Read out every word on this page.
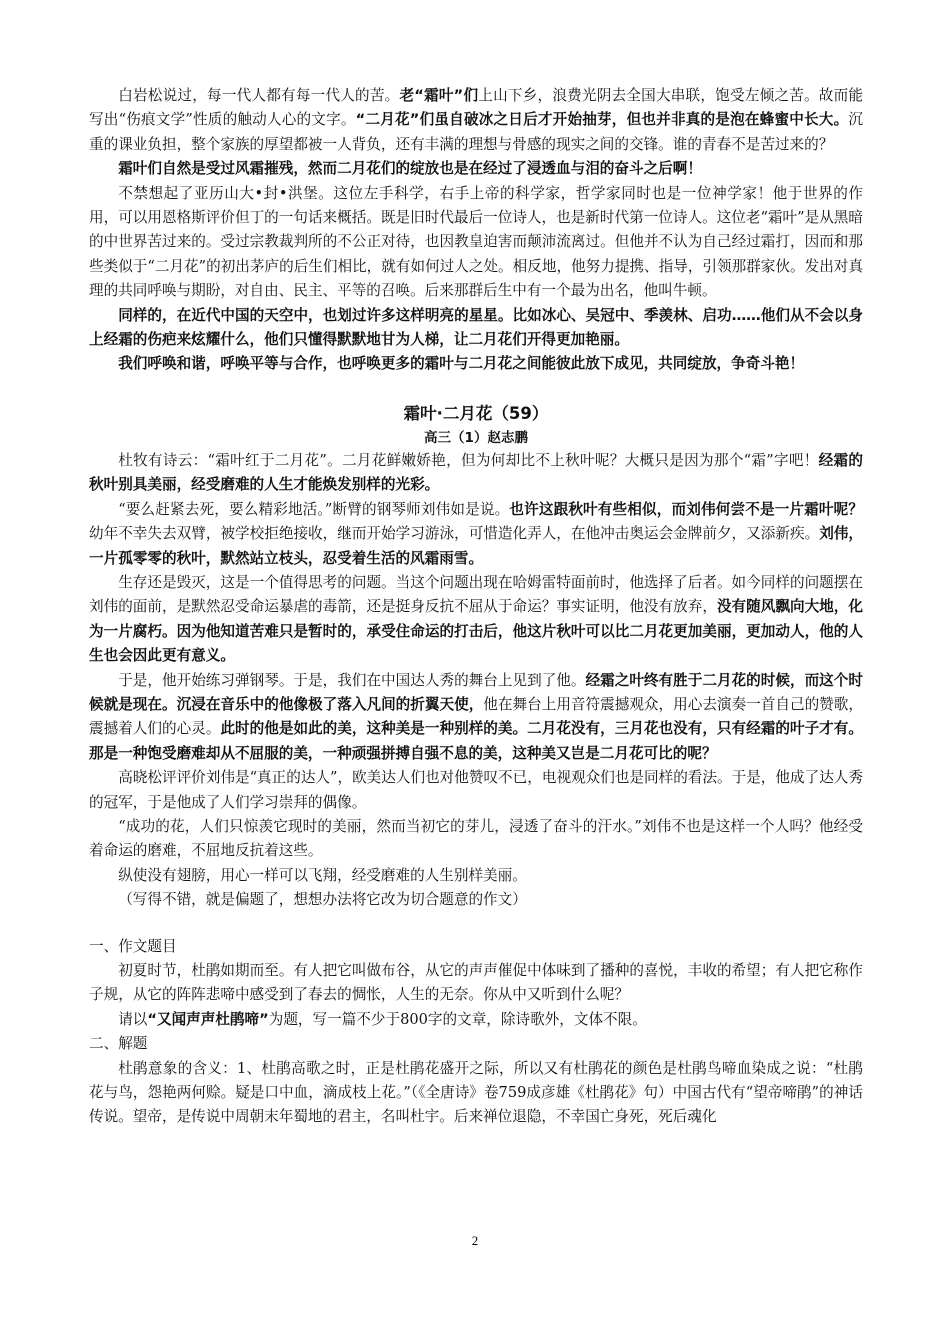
白岩松说过，每一代人都有每一代人的苦。老“霜叶”们上山下乡，浪费光阴去全国大串联，饱受左倾之苦。故而能写出“伤痕文学”性质的触动人心的文字。“二月花”们虽自破冰之日后才开始抽芽，但也并非真的是泡在蜂蜜中长大。沉重的课业负担，整个家族的厚望都被一人背负，还有丰满的理想与骨感的现实之间的交锋。谁的青春不是苦过来的？

霜叶们自然是受过风霜摧残，然而二月花们的绽放也是在经过了浸透血与泪的奋斗之后啊！

不禁想起了亚历山大•封•洪堡。这位左手科学，右手上帝的科学家，哲学家同时也是一位神学家！他于世界的作用，可以用恩格斯评价但丁的一句话来概括。既是旧时代最后一位诗人，也是新时代第一位诗人。这位老“霜叶”是从黑暗的中世界苦过来的。受过宗教裁判所的不公正对待，也因教皇迫害而颠沛流离过。但他并不认为自己经过霜打，因而和那些类似于“二月花”的初出茅庐的后生们相比，就有如何过人之处。相反地，他努力提携、指导，引领那群家伙。发出对真理的共同呼唤与期盼，对自由、民主、平等的召唤。后来那群后生中有一个最为出名，他叫牛顿。

同样的，在近代中国的天空中，也划过许多这样明亮的星星。比如冰心、吴冠中、季羡林、启功……他们从不会以身上经霜的伤疤来炫耀什么，他们只懂得默默地甘为人梯，让二月花们开得更加艳丽。

我们呼唤和谐，呼唤平等与合作，也呼唤更多的霜叶与二月花之间能彼此放下成见，共同绽放，争奇斗艳！

霜叶·二月花（59）

高三（1）赵志鹏

杜牧有诗云：“霜叶红于二月花”。二月花鲜嫩娇艳，但为何却比不上秋叶呢？大概只是因为那个“霜”字吧！经霜的秋叶别具美丽，经受磨难的人生才能焕发别样的光彩。

“要么赶紧去死，要么精彩地活。”断臂的钢琴师刘伟如是说。也许这跟秋叶有些相似，而刘伟何尝不是一片霜叶呢？幼年不幸失去双臂，被学校拒绝接收，继而开始学习游泳，可惜造化弄人，在他冲击奥运会金牌前夕，又添新疾。刘伟，一片孤零零的秋叶，默然站立枝头，忍受着生活的风霜雨雪。

生存还是毁灭，这是一个值得思考的问题。当这个问题出现在哈姆雷特面前时，他选择了后者。如今同样的问题摆在刘伟的面前，是默然忍受命运暴虐的毒箭，还是挺身反抗不屈从于命运？事实证明，他没有放弃，没有随风飘向大地，化为一片腐朽。因为他知道苦难只是暂时的，承受住命运的打击后，他这片秋叶可以比二月花更加美丽，更加动人，他的人生也会因此更有意义。

于是，他开始练习弹钢琴。于是，我们在中国达人秀的舞台上见到了他。经霜之叶终有胜于二月花的时候，而这个时候就是现在。沉浸在音乐中的他像极了落入凡间的折翼天使，他在舞台上用音符震撼观众，用心去演奏一首自己的赞歌，震撼着人们的心灵。此时的他是如此的美，这种美是一种别样的美。二月花没有，三月花也没有，只有经霜的叶子才有。那是一种饱受磨难却从不屈服的美，一种顽强拼搏自强不息的美，这种美又岂是二月花可比的呢？

高晓松评评价刘伟是“真正的达人”，欧美达人们也对他赞叹不已，电视观众们也是同样的看法。于是，他成了达人秀的冠军，于是他成了人们学习崇拜的偶像。

“成功的花，人们只惊羡它现时的美丽，然而当初它的芽儿，浸透了奋斗的汗水。”刘伟不也是这样一个人吗？他经受着命运的磨难，不屈地反抗着这些。

纵使没有翅膀，用心一样可以飞翔，经受磨难的人生别样美丽。

（写得不错，就是偏题了，想想办法将它改为切合题意的作文）

一、作文题目

初夏时节，杜鹃如期而至。有人把它叫做布谷，从它的声声催促中体味到了播种的喜悦，丰收的希望；有人把它称作子规，从它的阵阵悲啼中感受到了春去的惆怅，人生的无奈。你从中又听到什么呢？

请以“又闻声声杜鹃啼”为题，写一篇不少于800字的文章，除诗歌外，文体不限。

二、解题

杜鹃意象的含义：1、杜鹃高歌之时，正是杜鹃花盛开之际，所以又有杜鹃花的颜色是杜鹃鸟啼血染成之说：“杜鹃花与鸟，怨艳两何赊。疑是口中血，滴成枝上花。”（《全唐诗》卷759成彦雄《杜鹃花》句）中国古代有“望帝啼鹃”的神话传说。望帝，是传说中周朝末年蜀地的君主，名叫杜宇。后来禅位退隐，不幸国亡身死，死后魂化

2
